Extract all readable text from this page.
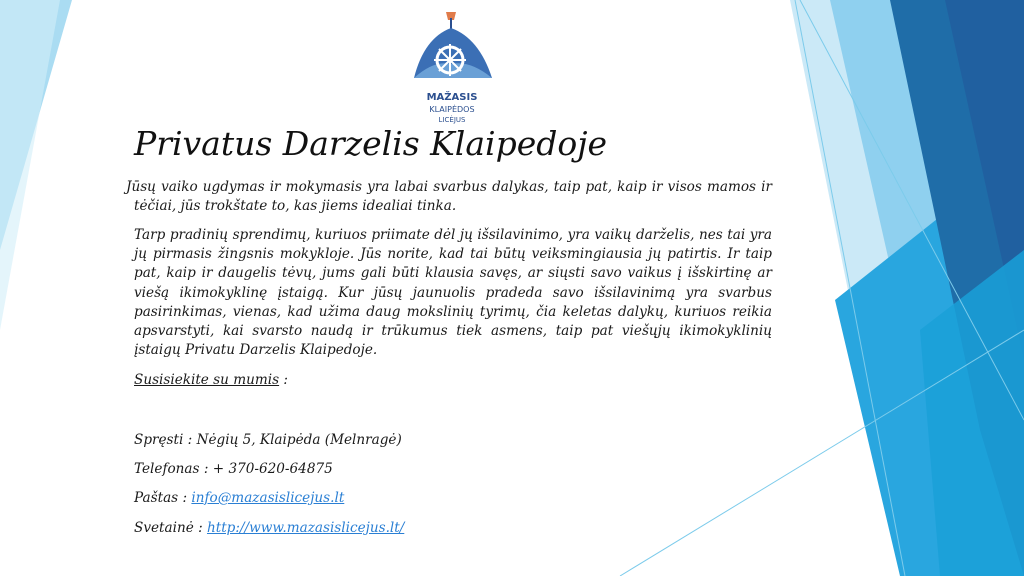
MAŽASIS
KLAIPĖDOS
LICĖJUS
Privatus Darzelis Klaipedoje

Jūsų vaiko ugdymas ir mokymasis yra labai svarbus dalykas, taip pat, kaip ir visos mamos ir tėčiai, jūs trokštate to, kas jiems idealiai tinka.

Tarp pradinių sprendimų, kuriuos priimate dėl jų išsilavinimo, yra vaikų darželis, nes tai yra jų pirmasis žingsnis mokykloje. Jūs norite, kad tai būtų veiksmingiausia jų patirtis. Ir taip pat, kaip ir daugelis tėvų, jums gali būti klausia savęs, ar siųsti savo vaikus į išskirtinę ar viešą ikimokyklinę įstaigą. Kur jūsų jaunuolis pradeda savo išsilavinimą yra svarbus pasirinkimas, vienas, kad užima daug mokslinių tyrimų, čia keletas dalykų, kuriuos reikia apsvarstyti, kai svarsto naudą ir trūkumus tiek asmens, taip pat viešųjų ikimokyklinių įstaigų Privatu Darzelis Klaipedoje.

Susisiekite su mumis :
Spręsti : Nėgių 5, Klaipėda (Melnragė)
Telefonas : + 370-620-64875
Paštas : info@mazasislicejus.lt
Svetainė : http://www.mazasislicejus.lt/
